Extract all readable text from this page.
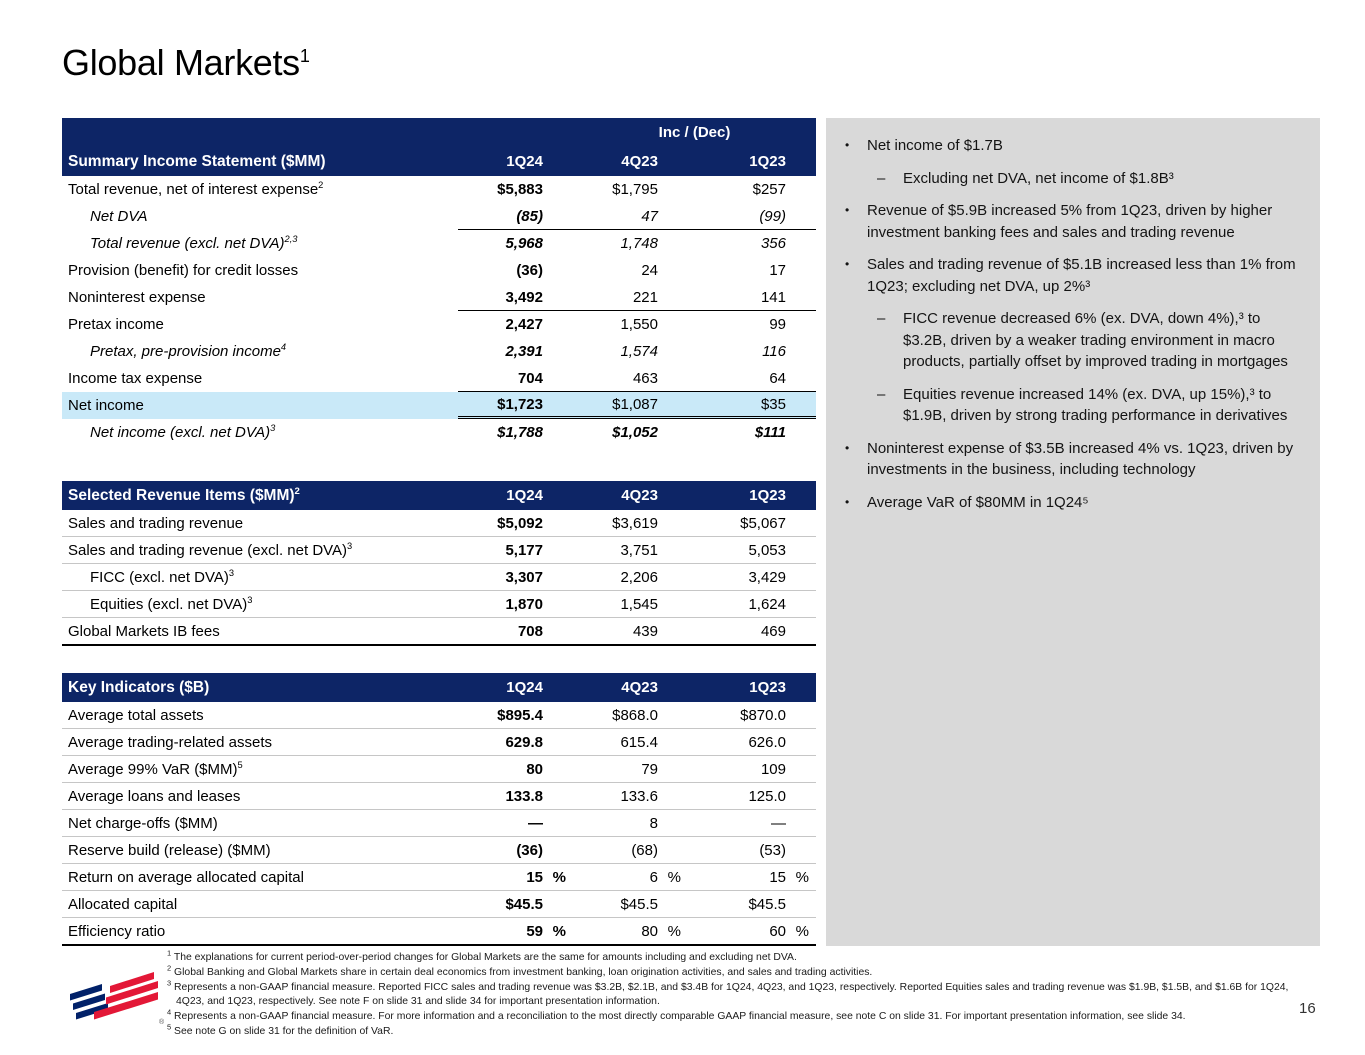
Global Markets$^1$
Inc / (Dec)
Summary Income Statement ($MM)	1Q24	4Q23	1Q23
Total revenue, net of interest expense$^2$	$5,883	$1,795	$257
Net DVA	(85)	47	(99)
Total revenue (excl. net DVA)$^{2,3}$	5,968	1,748	356
Provision (benefit) for credit losses	(36)	24	17
Noninterest expense	3,492	221	141
Pretax income	2,427	1,550	99
Pretax, pre-provision income$^4$	2,391	1,574	116
Income tax expense	704	463	64
Net income	$1,723	$1,087	$35
Net income (excl. net DVA)$^3$	$1,788	$1,052	$111
Selected Revenue Items ($MM)$^2$	1Q24	4Q23	1Q23
Sales and trading revenue	$5,092	$3,619	$5,067
Sales and trading revenue (excl. net DVA)$^3$	5,177	3,751	5,053
FICC (excl. net DVA)$^3$	3,307	2,206	3,429
Equities (excl. net DVA)$^3$	1,870	1,545	1,624
Global Markets IB fees	708	439	469
Key Indicators ($B)	1Q24	4Q23	1Q23
Average total assets	$895.4	$868.0	$870.0
Average trading-related assets	629.8	615.4	626.0
Average 99% VaR ($MM)$^5$	80	79	109
Average loans and leases	133.8	133.6	125.0
Net charge-offs ($MM)	—	8	—
Reserve build (release) ($MM)	(36)	(68)	(53)
Return on average allocated capital	15 %	6 %	15 %
Allocated capital	$45.5	$45.5	$45.5
Efficiency ratio	59 %	80 %	60 %
•	Net income of $1.7B
–	Excluding net DVA, net income of $1.8B³
•	Revenue of $5.9B increased 5% from 1Q23, driven by higher investment banking fees and sales and trading revenue
•	Sales and trading revenue of $5.1B increased less than 1% from 1Q23; excluding net DVA, up 2%³
–	FICC revenue decreased 6% (ex. DVA, down 4%),³ to $3.2B, driven by a weaker trading environment in macro products, partially offset by improved trading in mortgages
–	Equities revenue increased 14% (ex. DVA, up 15%),³ to $1.9B, driven by strong trading performance in derivatives
•	Noninterest expense of $3.5B increased 4% vs. 1Q23, driven by investments in the business, including technology
•	Average VaR of $80MM in 1Q24⁵
$^1$ The explanations for current period-over-period changes for Global Markets are the same for amounts including and excluding net DVA.
$^2$ Global Banking and Global Markets share in certain deal economics from investment banking, loan origination activities, and sales and trading activities.
$^3$ Represents a non-GAAP financial measure. Reported FICC sales and trading revenue was $3.2B, $2.1B, and $3.4B for 1Q24, 4Q23, and 1Q23, respectively. Reported Equities sales and trading revenue was $1.9B, $1.5B, and $1.6B for 1Q24, 4Q23, and 1Q23, respectively. See note F on slide 31 and slide 34 for important presentation information.
$^4$ Represents a non-GAAP financial measure. For more information and a reconciliation to the most directly comparable GAAP financial measure, see note C on slide 31. For important presentation information, see slide 34.
$^5$ See note G on slide 31 for the definition of VaR.
®
16
